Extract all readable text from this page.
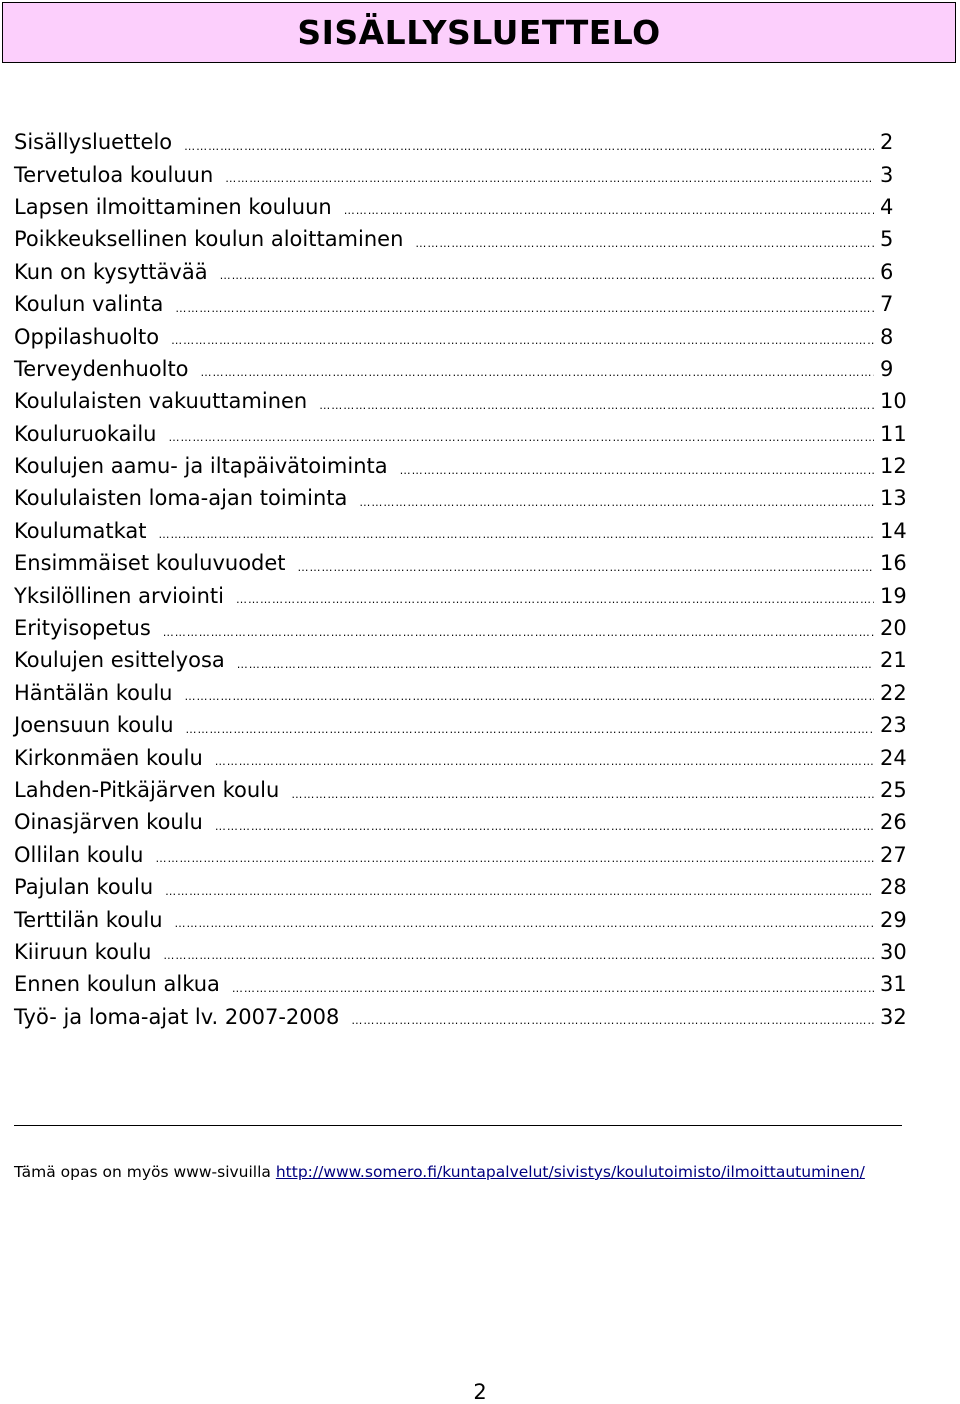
SISÄLLYSLUETTELO
Sisällysluettelo ……………………………………………………………………………………………………………………………………………………………………………………………………	2
Tervetuloa kouluun ……………………………………………………………………………………………………………………………………………………………………………………………………	3
Lapsen ilmoittaminen kouluun ……………………………………………………………………………………………………………………………………………………………………………………………………	4
Poikkeuksellinen koulun aloittaminen ……………………………………………………………………………………………………………………………………………………………………………………………………	5
Kun on kysyttävää ……………………………………………………………………………………………………………………………………………………………………………………………………	6
Koulun valinta ……………………………………………………………………………………………………………………………………………………………………………………………………	7
Oppilashuolto ……………………………………………………………………………………………………………………………………………………………………………………………………	8
Terveydenhuolto ……………………………………………………………………………………………………………………………………………………………………………………………………	9
Koululaisten vakuuttaminen ……………………………………………………………………………………………………………………………………………………………………………………………………	10
Kouluruokailu ……………………………………………………………………………………………………………………………………………………………………………………………………	11
Koulujen aamu- ja iltapäivätoiminta ……………………………………………………………………………………………………………………………………………………………………………………………………	12
Koululaisten loma-ajan toiminta ……………………………………………………………………………………………………………………………………………………………………………………………………	13
Koulumatkat ……………………………………………………………………………………………………………………………………………………………………………………………………	14
Ensimmäiset kouluvuodet ……………………………………………………………………………………………………………………………………………………………………………………………………	16
Yksilöllinen arviointi ……………………………………………………………………………………………………………………………………………………………………………………………………	19
Erityisopetus ……………………………………………………………………………………………………………………………………………………………………………………………………	20
Koulujen esittelyosa ……………………………………………………………………………………………………………………………………………………………………………………………………	21
Häntälän koulu ……………………………………………………………………………………………………………………………………………………………………………………………………	22
Joensuun koulu ……………………………………………………………………………………………………………………………………………………………………………………………………	23
Kirkonmäen koulu ……………………………………………………………………………………………………………………………………………………………………………………………………	24
Lahden-Pitkäjärven koulu ……………………………………………………………………………………………………………………………………………………………………………………………………	25
Oinasjärven koulu ……………………………………………………………………………………………………………………………………………………………………………………………………	26
Ollilan koulu ……………………………………………………………………………………………………………………………………………………………………………………………………	27
Pajulan koulu ……………………………………………………………………………………………………………………………………………………………………………………………………	28
Terttilän koulu ……………………………………………………………………………………………………………………………………………………………………………………………………	29
Kiiruun koulu ……………………………………………………………………………………………………………………………………………………………………………………………………	30
Ennen koulun alkua ……………………………………………………………………………………………………………………………………………………………………………………………………	31
Työ- ja loma-ajat lv. 2007-2008 ……………………………………………………………………………………………………………………………………………………………………………………………………	32
Tämä opas on myös www-sivuilla http://www.somero.fi/kuntapalvelut/sivistys/koulutoimisto/ilmoittautuminen/
2
